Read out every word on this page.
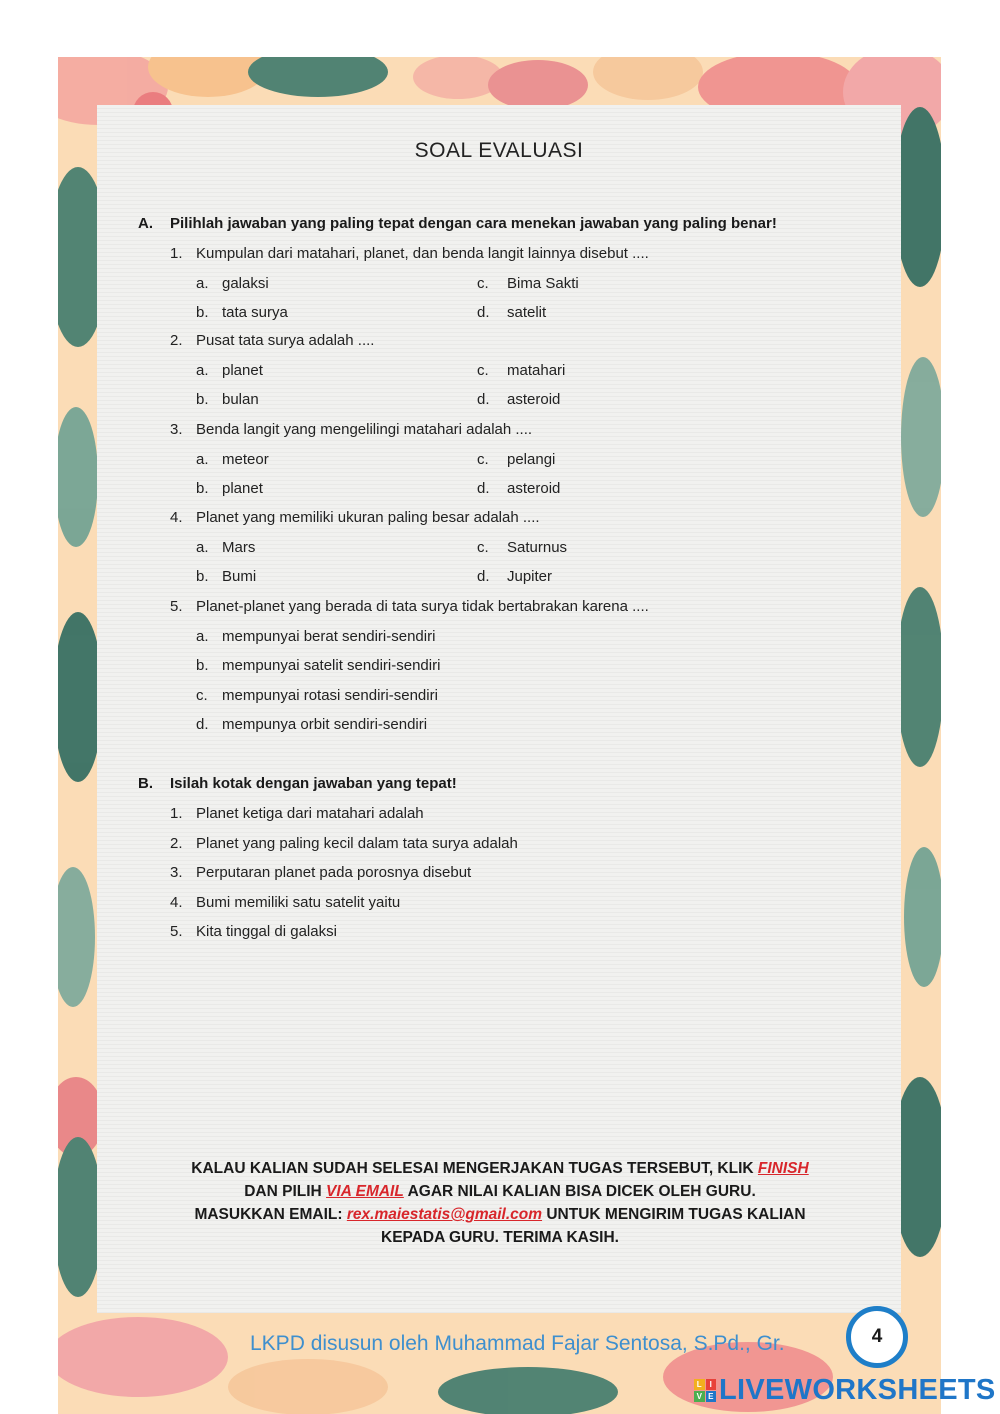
SOAL EVALUASI
A. Pilihlah jawaban yang paling tepat dengan cara menekan jawaban yang paling benar!
1. Kumpulan dari matahari, planet, dan benda langit lainnya disebut ....
a. galaksi	c. Bima Sakti
b. tata surya	d. satelit
2. Pusat tata surya adalah ....
a. planet	c. matahari
b. bulan	d. asteroid
3. Benda langit yang mengelilingi matahari adalah ....
a. meteor	c. pelangi
b. planet	d. asteroid
4. Planet yang memiliki ukuran paling besar adalah ....
a. Mars	c. Saturnus
b. Bumi	d. Jupiter
5. Planet-planet yang berada di tata surya tidak bertabrakan karena ....
a. mempunyai berat sendiri-sendiri
b. mempunyai satelit sendiri-sendiri
c. mempunyai rotasi sendiri-sendiri
d. mempunya orbit sendiri-sendiri
B. Isilah kotak dengan jawaban yang tepat!
1. Planet ketiga dari matahari adalah
2. Planet yang paling kecil dalam tata surya adalah
3. Perputaran planet pada porosnya disebut
4. Bumi memiliki satu satelit yaitu
5. Kita tinggal di galaksi
KALAU KALIAN SUDAH SELESAI MENGERJAKAN TUGAS TERSEBUT, KLIK FINISH
DAN PILIH VIA EMAIL AGAR NILAI KALIAN BISA DICEK OLEH GURU.
MASUKKAN EMAIL: rex.maiestatis@gmail.com UNTUK MENGIRIM TUGAS KALIAN
KEPADA GURU. TERIMA KASIH.
LKPD disusun oleh Muhammad Fajar Sentosa, S.Pd., Gr.	4
L I
V E LIVEWORKSHEETS
